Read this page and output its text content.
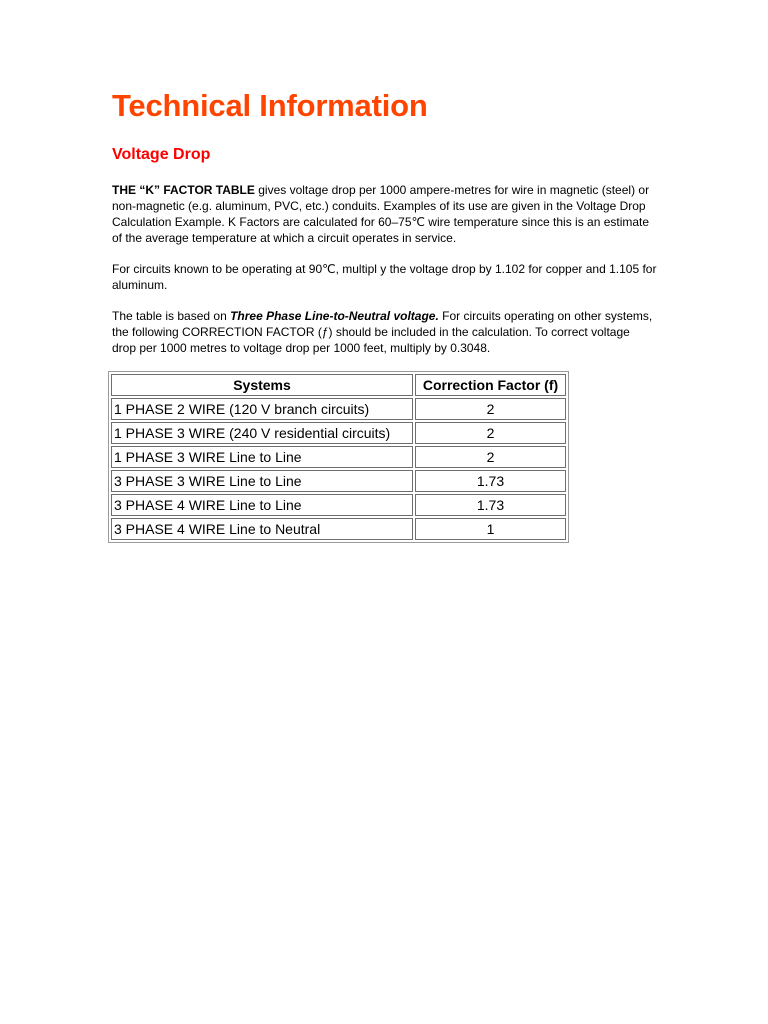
Technical Information
Voltage Drop

THE “K” FACTOR TABLE gives voltage drop per 1000 ampere-metres for wire in magnetic (steel) or non-magnetic (e.g. aluminum, PVC, etc.) conduits. Examples of its use are given in the Voltage Drop Calculation Example. K Factors are calculated for 60–75℃ wire temperature since this is an estimate of the average temperature at which a circuit operates in service.

For circuits known to be operating at 90℃, multipl y the voltage drop by 1.102 for copper and 1.105 for aluminum.

The table is based on Three Phase Line-to-Neutral voltage. For circuits operating on other systems, the following CORRECTION FACTOR (ƒ) should be included in the calculation. To correct voltage drop per 1000 metres to voltage drop per 1000 feet, multiply by 0.3048.

Systems	Correction Factor (f)
1 PHASE 2 WIRE (120 V branch circuits)	2
1 PHASE 3 WIRE (240 V residential circuits)	2
1 PHASE 3 WIRE Line to Line	2
3 PHASE 3 WIRE Line to Line	1.73
3 PHASE 4 WIRE Line to Line	1.73
3 PHASE 4 WIRE Line to Neutral	1
